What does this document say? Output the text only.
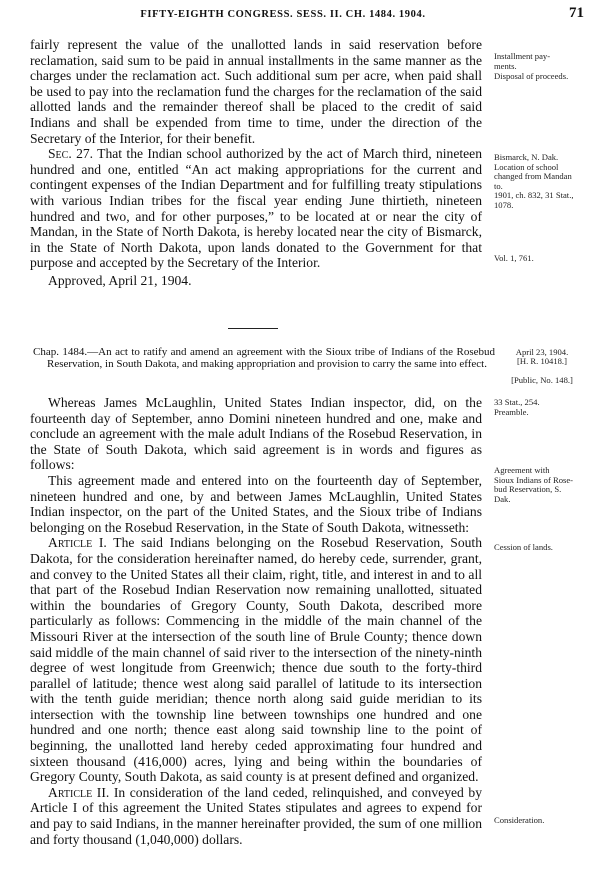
FIFTY-EIGHTH CONGRESS. SESS. II. CH. 1484. 1904.	71

fairly represent the value of the unallotted lands in said reservation before reclamation, said sum to be paid in annual installments in the same manner as the charges under the reclamation act. Such additional sum per acre, when paid shall be used to pay into the reclamation fund the charges for the reclamation of the said allotted lands and the remainder thereof shall be placed to the credit of said Indians and shall be expended from time to time, under the direction of the Secretary of the Interior, for their benefit.

Sec. 27. That the Indian school authorized by the act of March third, nineteen hundred and one, entitled “An act making appropriations for the current and contingent expenses of the Indian Department and for fulfilling treaty stipulations with various Indian tribes for the fiscal year ending June thirtieth, nineteen hundred and two, and for other purposes,” to be located at or near the city of Mandan, in the State of North Dakota, is hereby located near the city of Bismarck, in the State of North Dakota, upon lands donated to the Government for that purpose and accepted by the Secretary of the Interior.

Approved, April 21, 1904.

Chap. 1484.—An act to ratify and amend an agreement with the Sioux tribe of Indians of the Rosebud Reservation, in South Dakota, and making appropriation and provision to carry the same into effect.

Whereas James McLaughlin, United States Indian inspector, did, on the fourteenth day of September, anno Domini nineteen hundred and one, make and conclude an agreement with the male adult Indians of the Rosebud Reservation, in the State of South Dakota, which said agreement is in words and figures as follows:

This agreement made and entered into on the fourteenth day of September, nineteen hundred and one, by and between James McLaughlin, United States Indian inspector, on the part of the United States, and the Sioux tribe of Indians belonging on the Rosebud Reservation, in the State of South Dakota, witnesseth:

Article I. The said Indians belonging on the Rosebud Reservation, South Dakota, for the consideration hereinafter named, do hereby cede, surrender, grant, and convey to the United States all their claim, right, title, and interest in and to all that part of the Rosebud Indian Reservation now remaining unallotted, situated within the boundaries of Gregory County, South Dakota, described more particularly as follows: Commencing in the middle of the main channel of the Missouri River at the intersection of the south line of Brule County; thence down said middle of the main channel of said river to the intersection of the ninety-ninth degree of west longitude from Greenwich; thence due south to the forty-third parallel of latitude; thence west along said parallel of latitude to its intersection with the tenth guide meridian; thence north along said guide meridian to its intersection with the township line between townships one hundred and one hundred and one north; thence east along said township line to the point of beginning, the unallotted land hereby ceded approximating four hundred and sixteen thousand (416,000) acres, lying and being within the boundaries of Gregory County, South Dakota, as said county is at present defined and organized.

Article II. In consideration of the land ceded, relinquished, and conveyed by Article I of this agreement the United States stipulates and agrees to expend for and pay to said Indians, in the manner hereinafter provided, the sum of one million and forty thousand (1,040,000) dollars.

Installment pay-
ments.
Disposal of proceeds.
Bismarck, N. Dak.
Location of school
changed from Mandan
to.
1901, ch. 832, 31 Stat.,
1078.
Vol. 1, 761.
April 23, 1904.
[H. R. 10418.]
[Public, No. 148.]
33 Stat., 254.
Preamble.
Agreement with
Sioux Indians of Rose-
bud Reservation, S.
Dak.
Cession of lands.
Consideration.
